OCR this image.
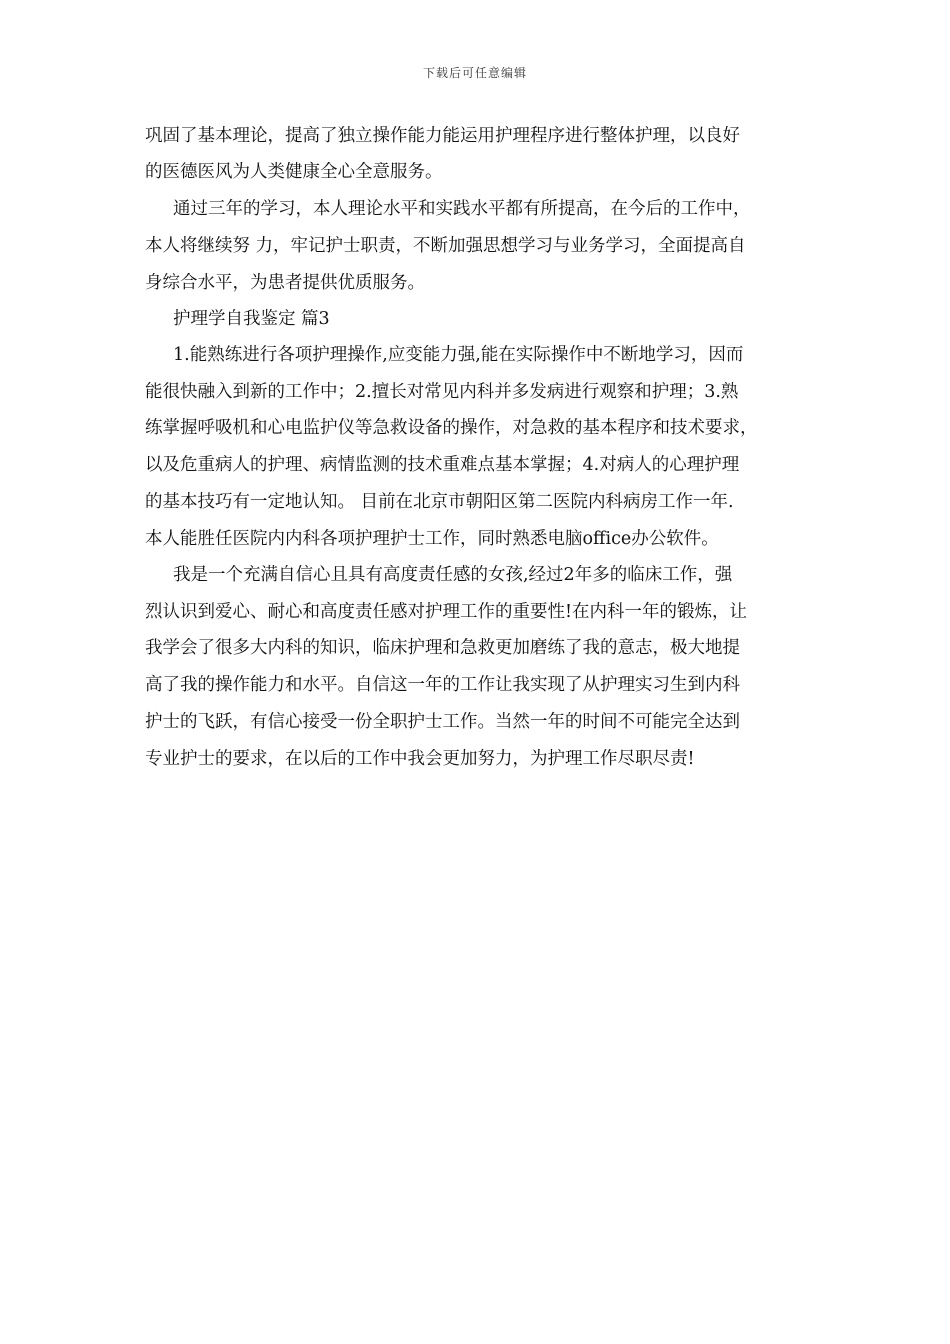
下载后可任意编辑
巩固了基本理论，提高了独立操作能力能运用护理程序进行整体护理，以良好
的医德医风为人类健康全心全意服务。
通过三年的学习，本人理论水平和实践水平都有所提高，在今后的工作中，
本人将继续努 力，牢记护士职责，不断加强思想学习与业务学习，全面提高自
身综合水平，为患者提供优质服务。
护理学自我鉴定 篇3
1.能熟练进行各项护理操作,应变能力强,能在实际操作中不断地学习，因而
能很快融入到新的工作中；2.擅长对常见内科并多发病进行观察和护理；3.熟
练掌握呼吸机和心电监护仪等急救设备的操作，对急救的基本程序和技术要求，
以及危重病人的护理、病情监测的技术重难点基本掌握；4.对病人的心理护理
的基本技巧有一定地认知。 目前在北京市朝阳区第二医院内科病房工作一年.
本人能胜任医院内内科各项护理护士工作，同时熟悉电脑office办公软件。
我是一个充满自信心且具有高度责任感的女孩,经过2年多的临床工作，强
烈认识到爱心、耐心和高度责任感对护理工作的重要性!在内科一年的锻炼，让
我学会了很多大内科的知识，临床护理和急救更加磨练了我的意志，极大地提
高了我的操作能力和水平。自信这一年的工作让我实现了从护理实习生到内科
护士的飞跃，有信心接受一份全职护士工作。当然一年的时间不可能完全达到
专业护士的要求，在以后的工作中我会更加努力，为护理工作尽职尽责!
